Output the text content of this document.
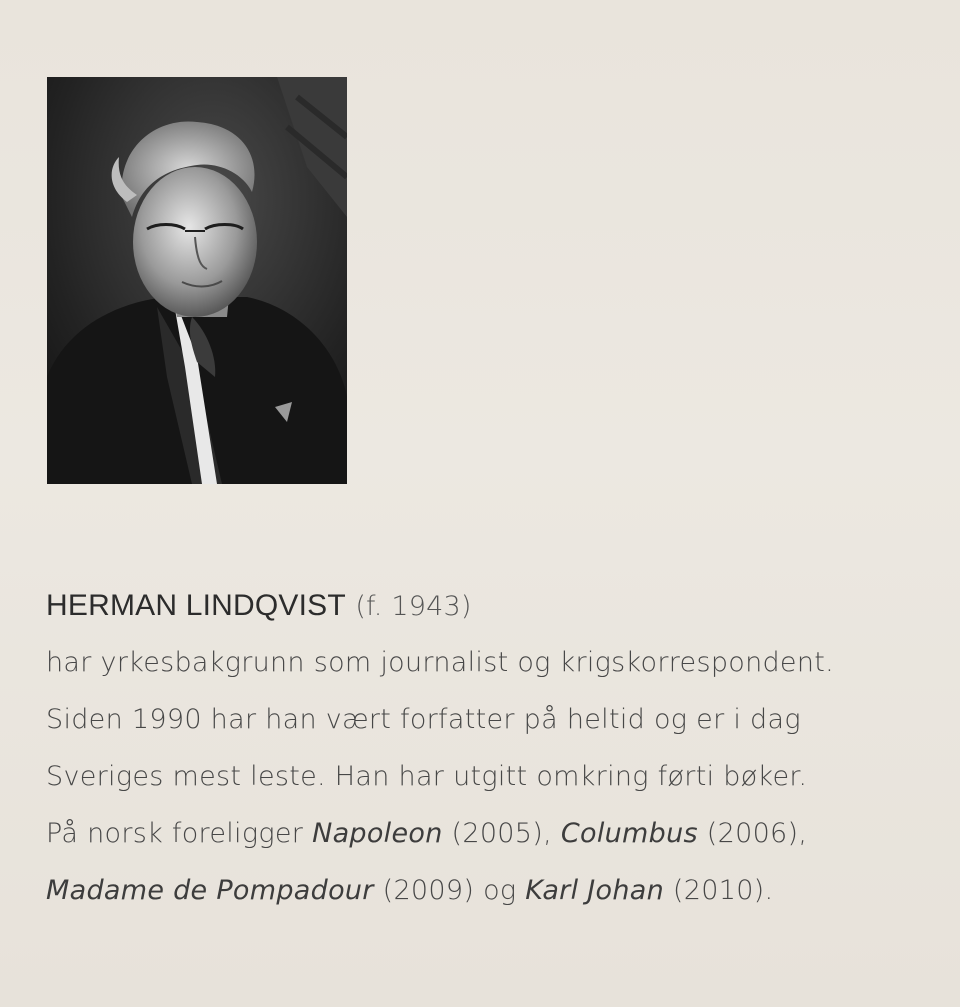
HERMAN LINDQVIST (f. 1943)

har yrkesbakgrunn som journalist og krigskorrespondent.

Siden 1990 har han vært forfatter på heltid og er i dag

Sveriges mest leste. Han har utgitt omkring førti bøker.

På norsk foreligger Napoleon (2005), Columbus (2006),

Madame de Pompadour (2009) og Karl Johan (2010).
